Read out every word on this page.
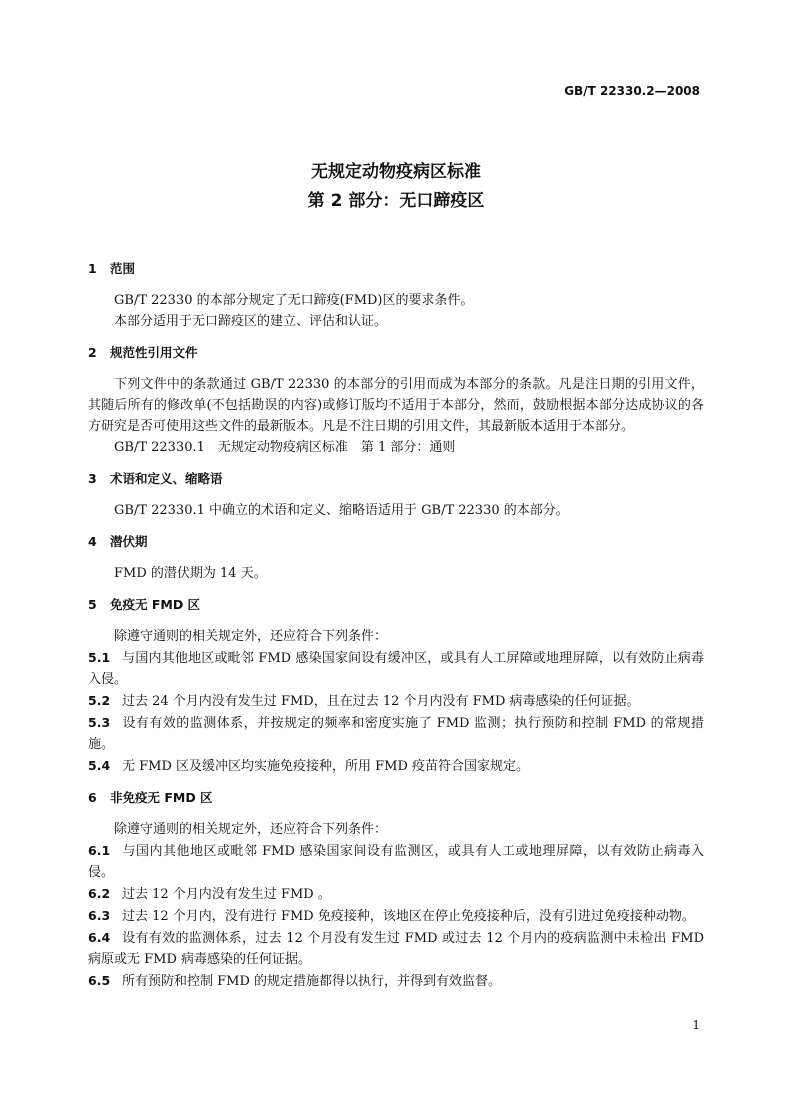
GB/T 22330.2—2008
无规定动物疫病区标准
第 2 部分：无口蹄疫区
1 范围

GB/T 22330 的本部分规定了无口蹄疫(FMD)区的要求条件。

本部分适用于无口蹄疫区的建立、评估和认证。

2 规范性引用文件

下列文件中的条款通过 GB/T 22330 的本部分的引用而成为本部分的条款。凡是注日期的引用文件，其随后所有的修改单(不包括勘误的内容)或修订版均不适用于本部分，然而，鼓励根据本部分达成协议的各方研究是否可使用这些文件的最新版本。凡是不注日期的引用文件，其最新版本适用于本部分。

GB/T 22330.1　无规定动物疫病区标准　第 1 部分：通则

3 术语和定义、缩略语

GB/T 22330.1 中确立的术语和定义、缩略语适用于 GB/T 22330 的本部分。

4 潜伏期

FMD 的潜伏期为 14 天。

5 免疫无 FMD 区

除遵守通则的相关规定外，还应符合下列条件：

5.1 与国内其他地区或毗邻 FMD 感染国家间设有缓冲区，或具有人工屏障或地理屏障，以有效防止病毒入侵。

5.2 过去 24 个月内没有发生过 FMD，且在过去 12 个月内没有 FMD 病毒感染的任何证据。

5.3 设有有效的监测体系，并按规定的频率和密度实施了 FMD 监测；执行预防和控制 FMD 的常规措施。

5.4 无 FMD 区及缓冲区均实施免疫接种，所用 FMD 疫苗符合国家规定。

6 非免疫无 FMD 区

除遵守通则的相关规定外，还应符合下列条件：

6.1 与国内其他地区或毗邻 FMD 感染国家间设有监测区，或具有人工或地理屏障，以有效防止病毒入侵。

6.2 过去 12 个月内没有发生过 FMD 。

6.3 过去 12 个月内，没有进行 FMD 免疫接种，该地区在停止免疫接种后，没有引进过免疫接种动物。

6.4 设有有效的监测体系，过去 12 个月没有发生过 FMD 或过去 12 个月内的疫病监测中未检出 FMD 病原或无 FMD 病毒感染的任何证据。

6.5 所有预防和控制 FMD 的规定措施都得以执行，并得到有效监督。

1
